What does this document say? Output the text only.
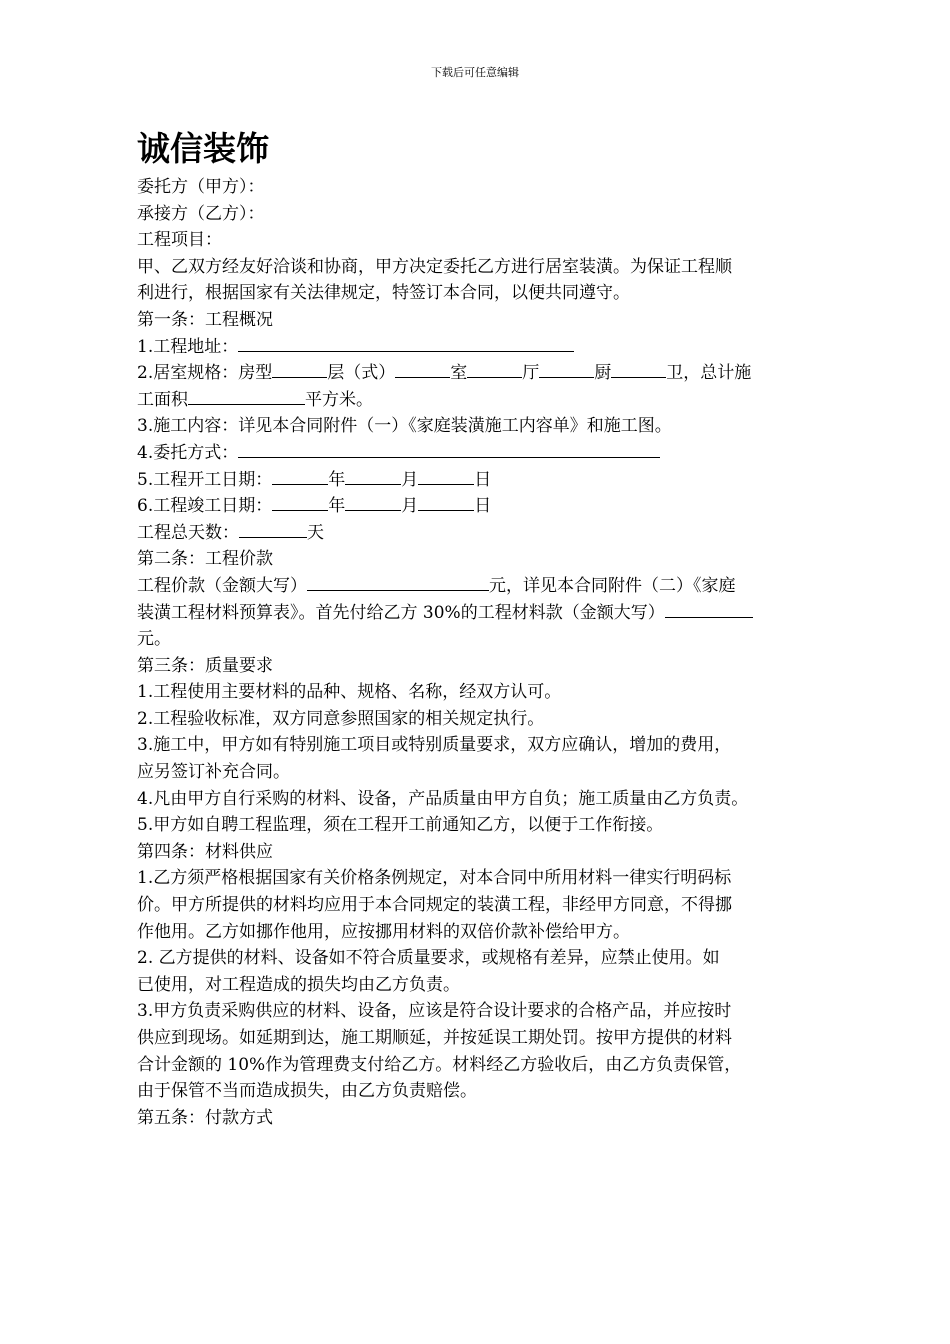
下载后可任意编辑
诚信装饰
委托方（甲方）：
承接方（乙方）：
工程项目：
甲、乙双方经友好洽谈和协商，甲方决定委托乙方进行居室装潢。为保证工程顺
利进行，根据国家有关法律规定，特签订本合同，以便共同遵守。
第一条：工程概况
1.工程地址：
2.居室规格：房型	层（式）	室	厅	厨	卫，总计施
工面积	平方米。
3.施工内容：详见本合同附件（一）《家庭装潢施工内容单》和施工图。
4.委托方式：
5.工程开工日期：	年	月	日
6.工程竣工日期：	年	月	日
工程总天数：	天
第二条：工程价款
工程价款（金额大写）	元，详见本合同附件（二）《家庭
装潢工程材料预算表》。首先付给乙方 30%的工程材料款（金额大写）
元。
第三条：质量要求
1.工程使用主要材料的品种、规格、名称，经双方认可。
2.工程验收标准，双方同意参照国家的相关规定执行。
3.施工中，甲方如有特别施工项目或特别质量要求，双方应确认，增加的费用，
应另签订补充合同。
4.凡由甲方自行采购的材料、设备，产品质量由甲方自负；施工质量由乙方负责。
5.甲方如自聘工程监理，须在工程开工前通知乙方，以便于工作衔接。
第四条：材料供应
1.乙方须严格根据国家有关价格条例规定，对本合同中所用材料一律实行明码标
价。甲方所提供的材料均应用于本合同规定的装潢工程，非经甲方同意，不得挪
作他用。乙方如挪作他用，应按挪用材料的双倍价款补偿给甲方。
2. 乙方提供的材料、设备如不符合质量要求，或规格有差异，应禁止使用。如
已使用，对工程造成的损失均由乙方负责。
3.甲方负责采购供应的材料、设备，应该是符合设计要求的合格产品，并应按时
供应到现场。如延期到达，施工期顺延，并按延误工期处罚。按甲方提供的材料
合计金额的 10%作为管理费支付给乙方。材料经乙方验收后，由乙方负责保管，
由于保管不当而造成损失，由乙方负责赔偿。
第五条：付款方式
